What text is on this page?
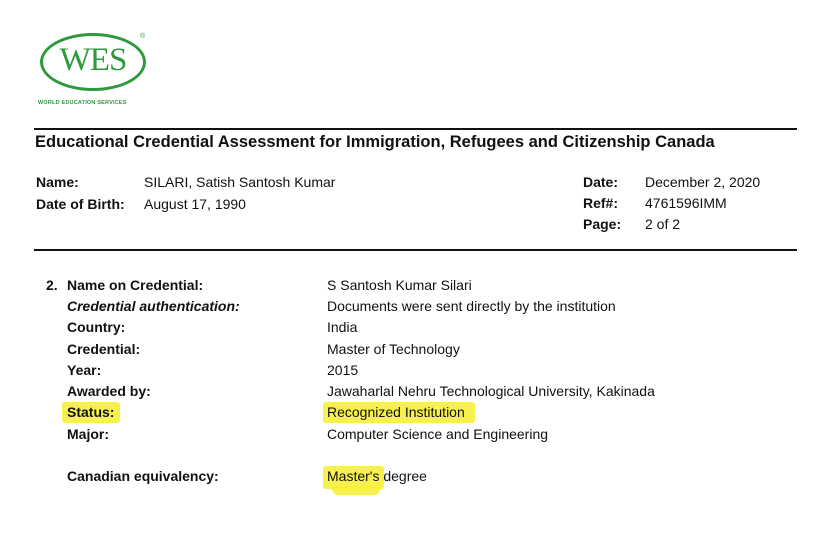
WES
®
WORLD EDUCATION SERVICES
Educational Credential Assessment for Immigration, Refugees and Citizenship Canada
Name:	SILARI, Satish Santosh Kumar
Date of Birth: August 17, 1990
Date: December 2, 2020
Ref#: 4761596IMM
Page: 2 of 2
2. Name on Credential:	S Santosh Kumar Silari
Credential authentication:	Documents were sent directly by the institution
Country:	India
Credential:	Master of Technology
Year:	2015
Awarded by:	Jawaharlal Nehru Technological University, Kakinada
Status:	Recognized Institution
Major:	Computer Science and Engineering
Canadian equivalency:	Master's degree
